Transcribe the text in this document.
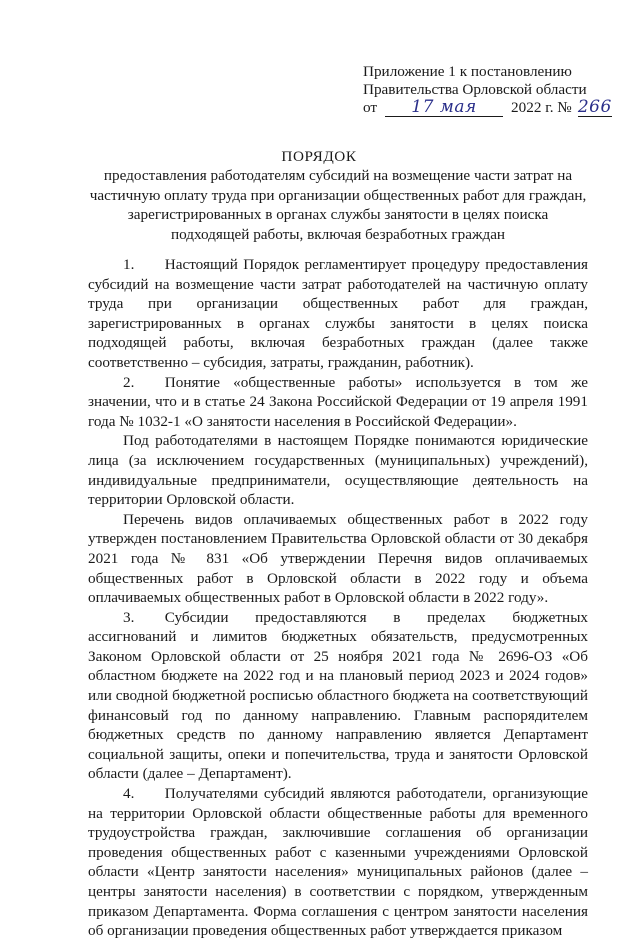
Приложение 1 к постановлению
Правительства Орловской области
от 17 мая 2022 г. № 266
ПОРЯДОК
предоставления работодателям субсидий на возмещение части затрат на частичную оплату труда при организации общественных работ для граждан, зарегистрированных в органах службы занятости в целях поиска подходящей работы, включая безработных граждан

1.  Настоящий Порядок регламентирует процедуру предоставления субсидий на возмещение части затрат работодателей на частичную оплату труда при организации общественных работ для граждан, зарегистрированных в органах службы занятости в целях поиска подходящей работы, включая безработных граждан (далее также соответственно – субсидия, затраты, гражданин, работник).

2.  Понятие «общественные работы» используется в том же значении, что и в статье 24 Закона Российской Федерации от 19 апреля 1991 года № 1032-1 «О занятости населения в Российской Федерации».

Под работодателями в настоящем Порядке понимаются юридические лица (за исключением государственных (муниципальных) учреждений), индивидуальные предприниматели, осуществляющие деятельность на территории Орловской области.

Перечень видов оплачиваемых общественных работ в 2022 году утвержден постановлением Правительства Орловской области от 30 декабря 2021 года № 831 «Об утверждении Перечня видов оплачиваемых общественных работ в Орловской области в 2022 году и объема оплачиваемых общественных работ в Орловской области в 2022 году».

3.  Субсидии предоставляются в пределах бюджетных ассигнований и лимитов бюджетных обязательств, предусмотренных Законом Орловской области от 25 ноября 2021 года № 2696-ОЗ «Об областном бюджете на 2022 год и на плановый период 2023 и 2024 годов» или сводной бюджетной росписью областного бюджета на соответствующий финансовый год по данному направлению. Главным распорядителем бюджетных средств по данному направлению является Департамент социальной защиты, опеки и попечительства, труда и занятости Орловской области (далее – Департамент).

4.  Получателями субсидий являются работодатели, организующие на территории Орловской области общественные работы для временного трудоустройства граждан, заключившие соглашения об организации проведения общественных работ с казенными учреждениями Орловской области «Центр занятости населения» муниципальных районов (далее – центры занятости населения) в соответствии с порядком, утвержденным приказом Департамента. Форма соглашения с центром занятости населения об организации проведения общественных работ утверждается приказом
